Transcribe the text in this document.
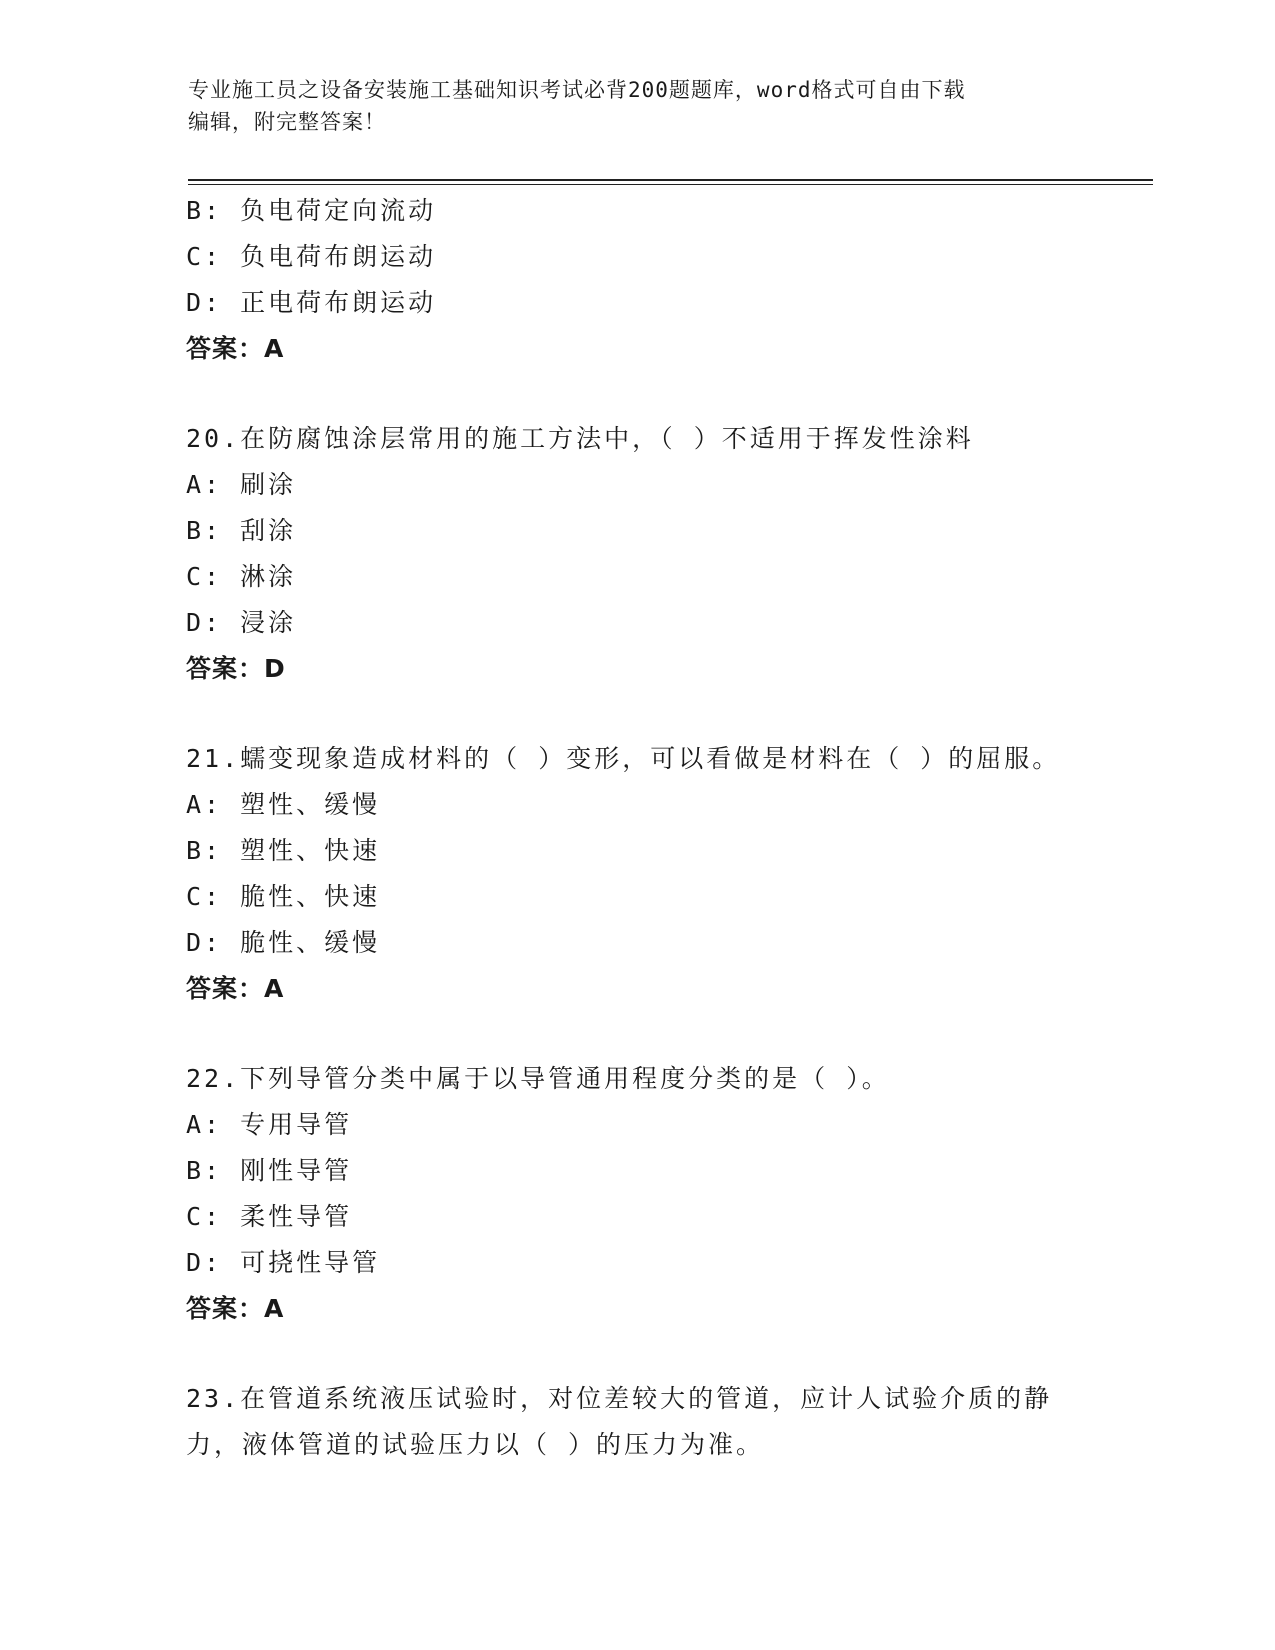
专业施工员之设备安装施工基础知识考试必背200题题库，word格式可自由下载
编辑，附完整答案！
B: 负电荷定向流动
C: 负电荷布朗运动
D: 正电荷布朗运动
答案：A
20.在防腐蚀涂层常用的施工方法中，（ ）不适用于挥发性涂料
A: 刷涂
B: 刮涂
C: 淋涂
D: 浸涂
答案：D
21.蠕变现象造成材料的（ ）变形，可以看做是材料在（ ）的屈服。
A: 塑性、缓慢
B: 塑性、快速
C: 脆性、快速
D: 脆性、缓慢
答案：A
22.下列导管分类中属于以导管通用程度分类的是（ ）。
A: 专用导管
B: 刚性导管
C: 柔性导管
D: 可挠性导管
答案：A
23.在管道系统液压试验时，对位差较大的管道，应计人试验介质的静
力，液体管道的试验压力以（ ）的压力为准。
